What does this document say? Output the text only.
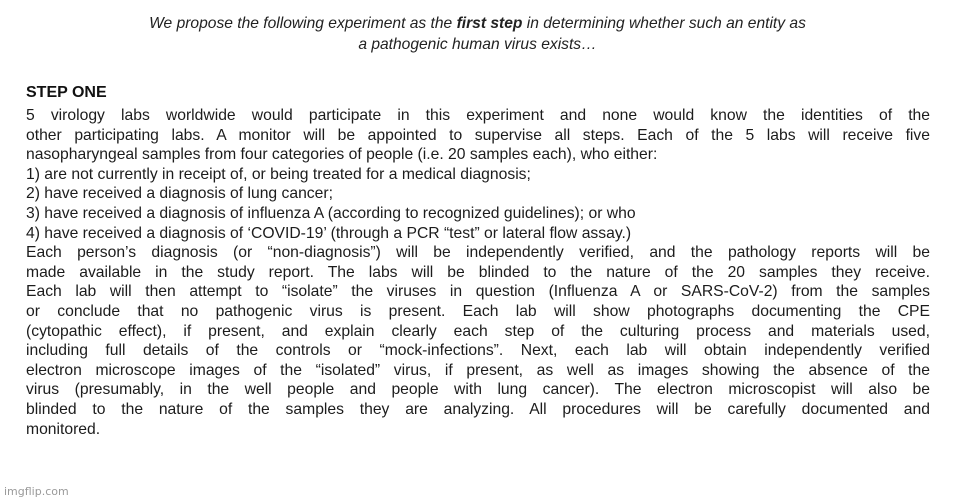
We propose the following experiment as the first step in determining whether such an entity as
a pathogenic human virus exists…
STEP ONE
5 virology labs worldwide would participate in this experiment and none would know the identities of the
other participating labs. A monitor will be appointed to supervise all steps. Each of the 5 labs will receive five
nasopharyngeal samples from four categories of people (i.e. 20 samples each), who either:
1) are not currently in receipt of, or being treated for a medical diagnosis;
2) have received a diagnosis of lung cancer;
3) have received a diagnosis of influenza A (according to recognized guidelines); or who
4) have received a diagnosis of ‘COVID-19’ (through a PCR “test” or lateral flow assay.)
Each person’s diagnosis (or “non-diagnosis”) will be independently verified, and the pathology reports will be
made available in the study report. The labs will be blinded to the nature of the 20 samples they receive.
Each lab will then attempt to “isolate” the viruses in question (Influenza A or SARS-CoV-2) from the samples
or conclude that no pathogenic virus is present. Each lab will show photographs documenting the CPE
(cytopathic effect), if present, and explain clearly each step of the culturing process and materials used,
including full details of the controls or “mock-infections”. Next, each lab will obtain independently verified
electron microscope images of the “isolated” virus, if present, as well as images showing the absence of the
virus (presumably, in the well people and people with lung cancer). The electron microscopist will also be
blinded to the nature of the samples they are analyzing. All procedures will be carefully documented and
monitored.
imgflip.com
